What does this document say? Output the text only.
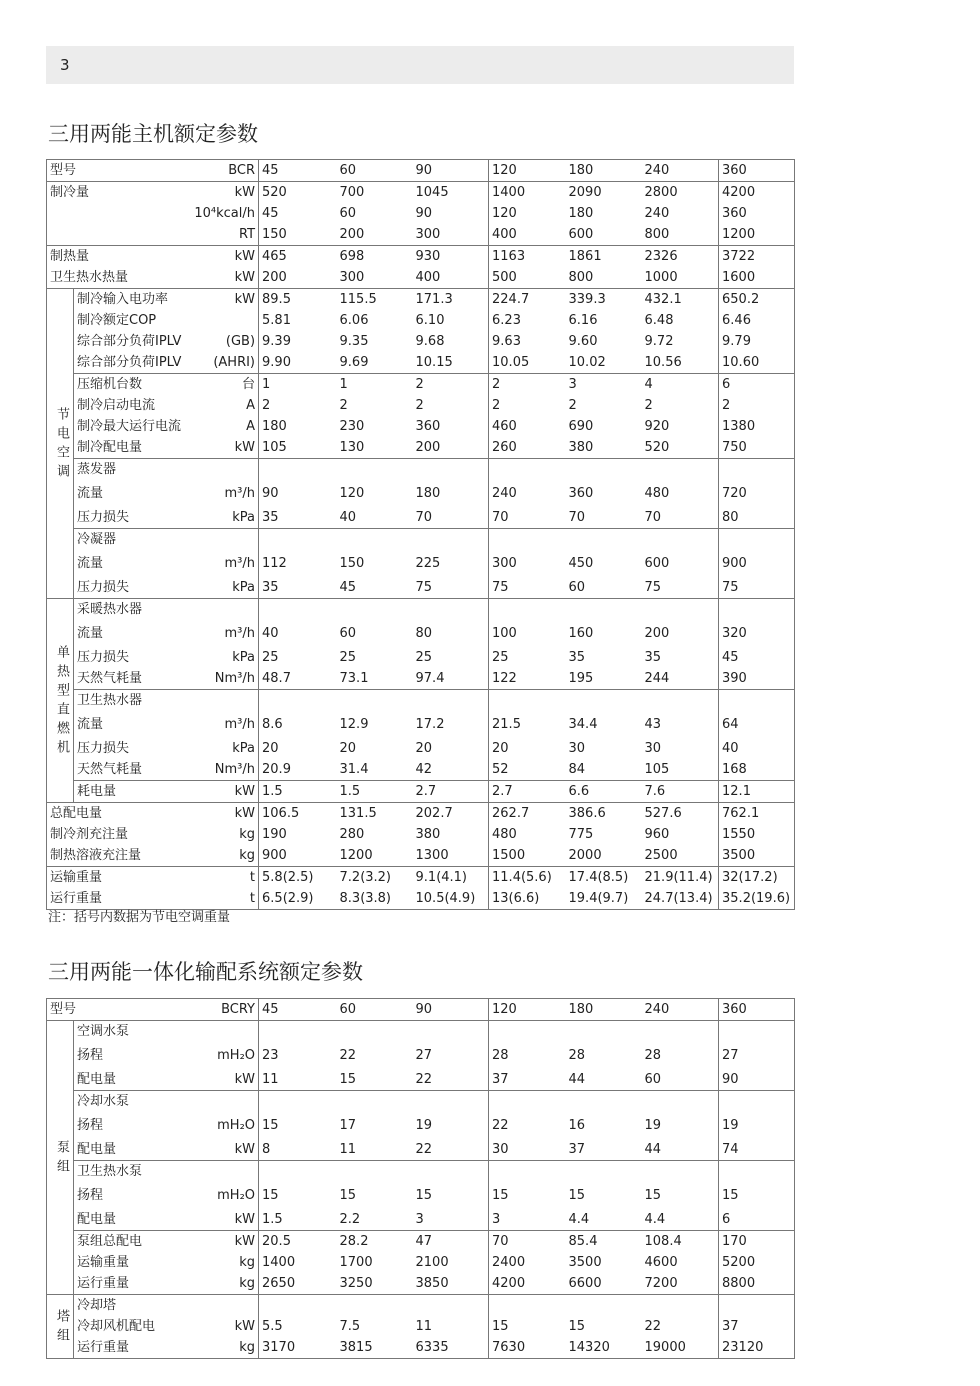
3
三用两能主机额定参数
型号		BCR	45	60	90	120	180	240	360
制冷量		kW	520	700	1045	1400	2090	2800	4200
		10⁴kcal/h	45	60	90	120	180	240	360
		RT	150	200	300	400	600	800	1200
制热量		kW	465	698	930	1163	1861	2326	3722
卫生热水热量		kW	200	300	400	500	800	1000	1600
节电空调	制冷输入电功率	kW	89.5	115.5	171.3	224.7	339.3	432.1	650.2
	制冷额定COP		5.81	6.06	6.10	6.23	6.16	6.48	6.46
	综合部分负荷IPLV	(GB)	9.39	9.35	9.68	9.63	9.60	9.72	9.79
	综合部分负荷IPLV	(AHRI)	9.90	9.69	10.15	10.05	10.02	10.56	10.60
	压缩机台数	台	1	1	2	2	3	4	6
	制冷启动电流	A	2	2	2	2	2	2	2
	制冷最大运行电流	A	180	230	360	460	690	920	1380
	制冷配电量	kW	105	130	200	260	380	520	750
	蒸发器								
	流量	m³/h	90	120	180	240	360	480	720
	压力损失	kPa	35	40	70	70	70	70	80
	冷凝器								
	流量	m³/h	112	150	225	300	450	600	900
	压力损失	kPa	35	45	75	75	60	75	75
单热型直燃机	采暖热水器								
	流量	m³/h	40	60	80	100	160	200	320
	压力损失	kPa	25	25	25	25	35	35	45
	天然气耗量	Nm³/h	48.7	73.1	97.4	122	195	244	390
	卫生热水器								
	流量	m³/h	8.6	12.9	17.2	21.5	34.4	43	64
	压力损失	kPa	20	20	20	20	30	30	40
	天然气耗量	Nm³/h	20.9	31.4	42	52	84	105	168
	耗电量	kW	1.5	1.5	2.7	2.7	6.6	7.6	12.1
总配电量		kW	106.5	131.5	202.7	262.7	386.6	527.6	762.1
制冷剂充注量		kg	190	280	380	480	775	960	1550
制热溶液充注量		kg	900	1200	1300	1500	2000	2500	3500
运输重量		t	5.8(2.5)	7.2(3.2)	9.1(4.1)	11.4(5.6)	17.4(8.5)	21.9(11.4)	32(17.2)
运行重量		t	6.5(2.9)	8.3(3.8)	10.5(4.9)	13(6.6)	19.4(9.7)	24.7(13.4)	35.2(19.6)
注：括号内数据为节电空调重量
三用两能一体化输配系统额定参数
型号		BCRY	45	60	90	120	180	240	360
泵组	空调水泵								
	扬程	mH₂O	23	22	27	28	28	28	27
	配电量	kW	11	15	22	37	44	60	90
	冷却水泵								
	扬程	mH₂O	15	17	19	22	16	19	19
	配电量	kW	8	11	22	30	37	44	74
	卫生热水泵								
	扬程	mH₂O	15	15	15	15	15	15	15
	配电量	kW	1.5	2.2	3	3	4.4	4.4	6
	泵组总配电	kW	20.5	28.2	47	70	85.4	108.4	170
	运输重量	kg	1400	1700	2100	2400	3500	4600	5200
	运行重量	kg	2650	3250	3850	4200	6600	7200	8800
塔组	冷却塔								
	冷却风机配电	kW	5.5	7.5	11	15	15	22	37
	运行重量	kg	3170	3815	6335	7630	14320	19000	23120
